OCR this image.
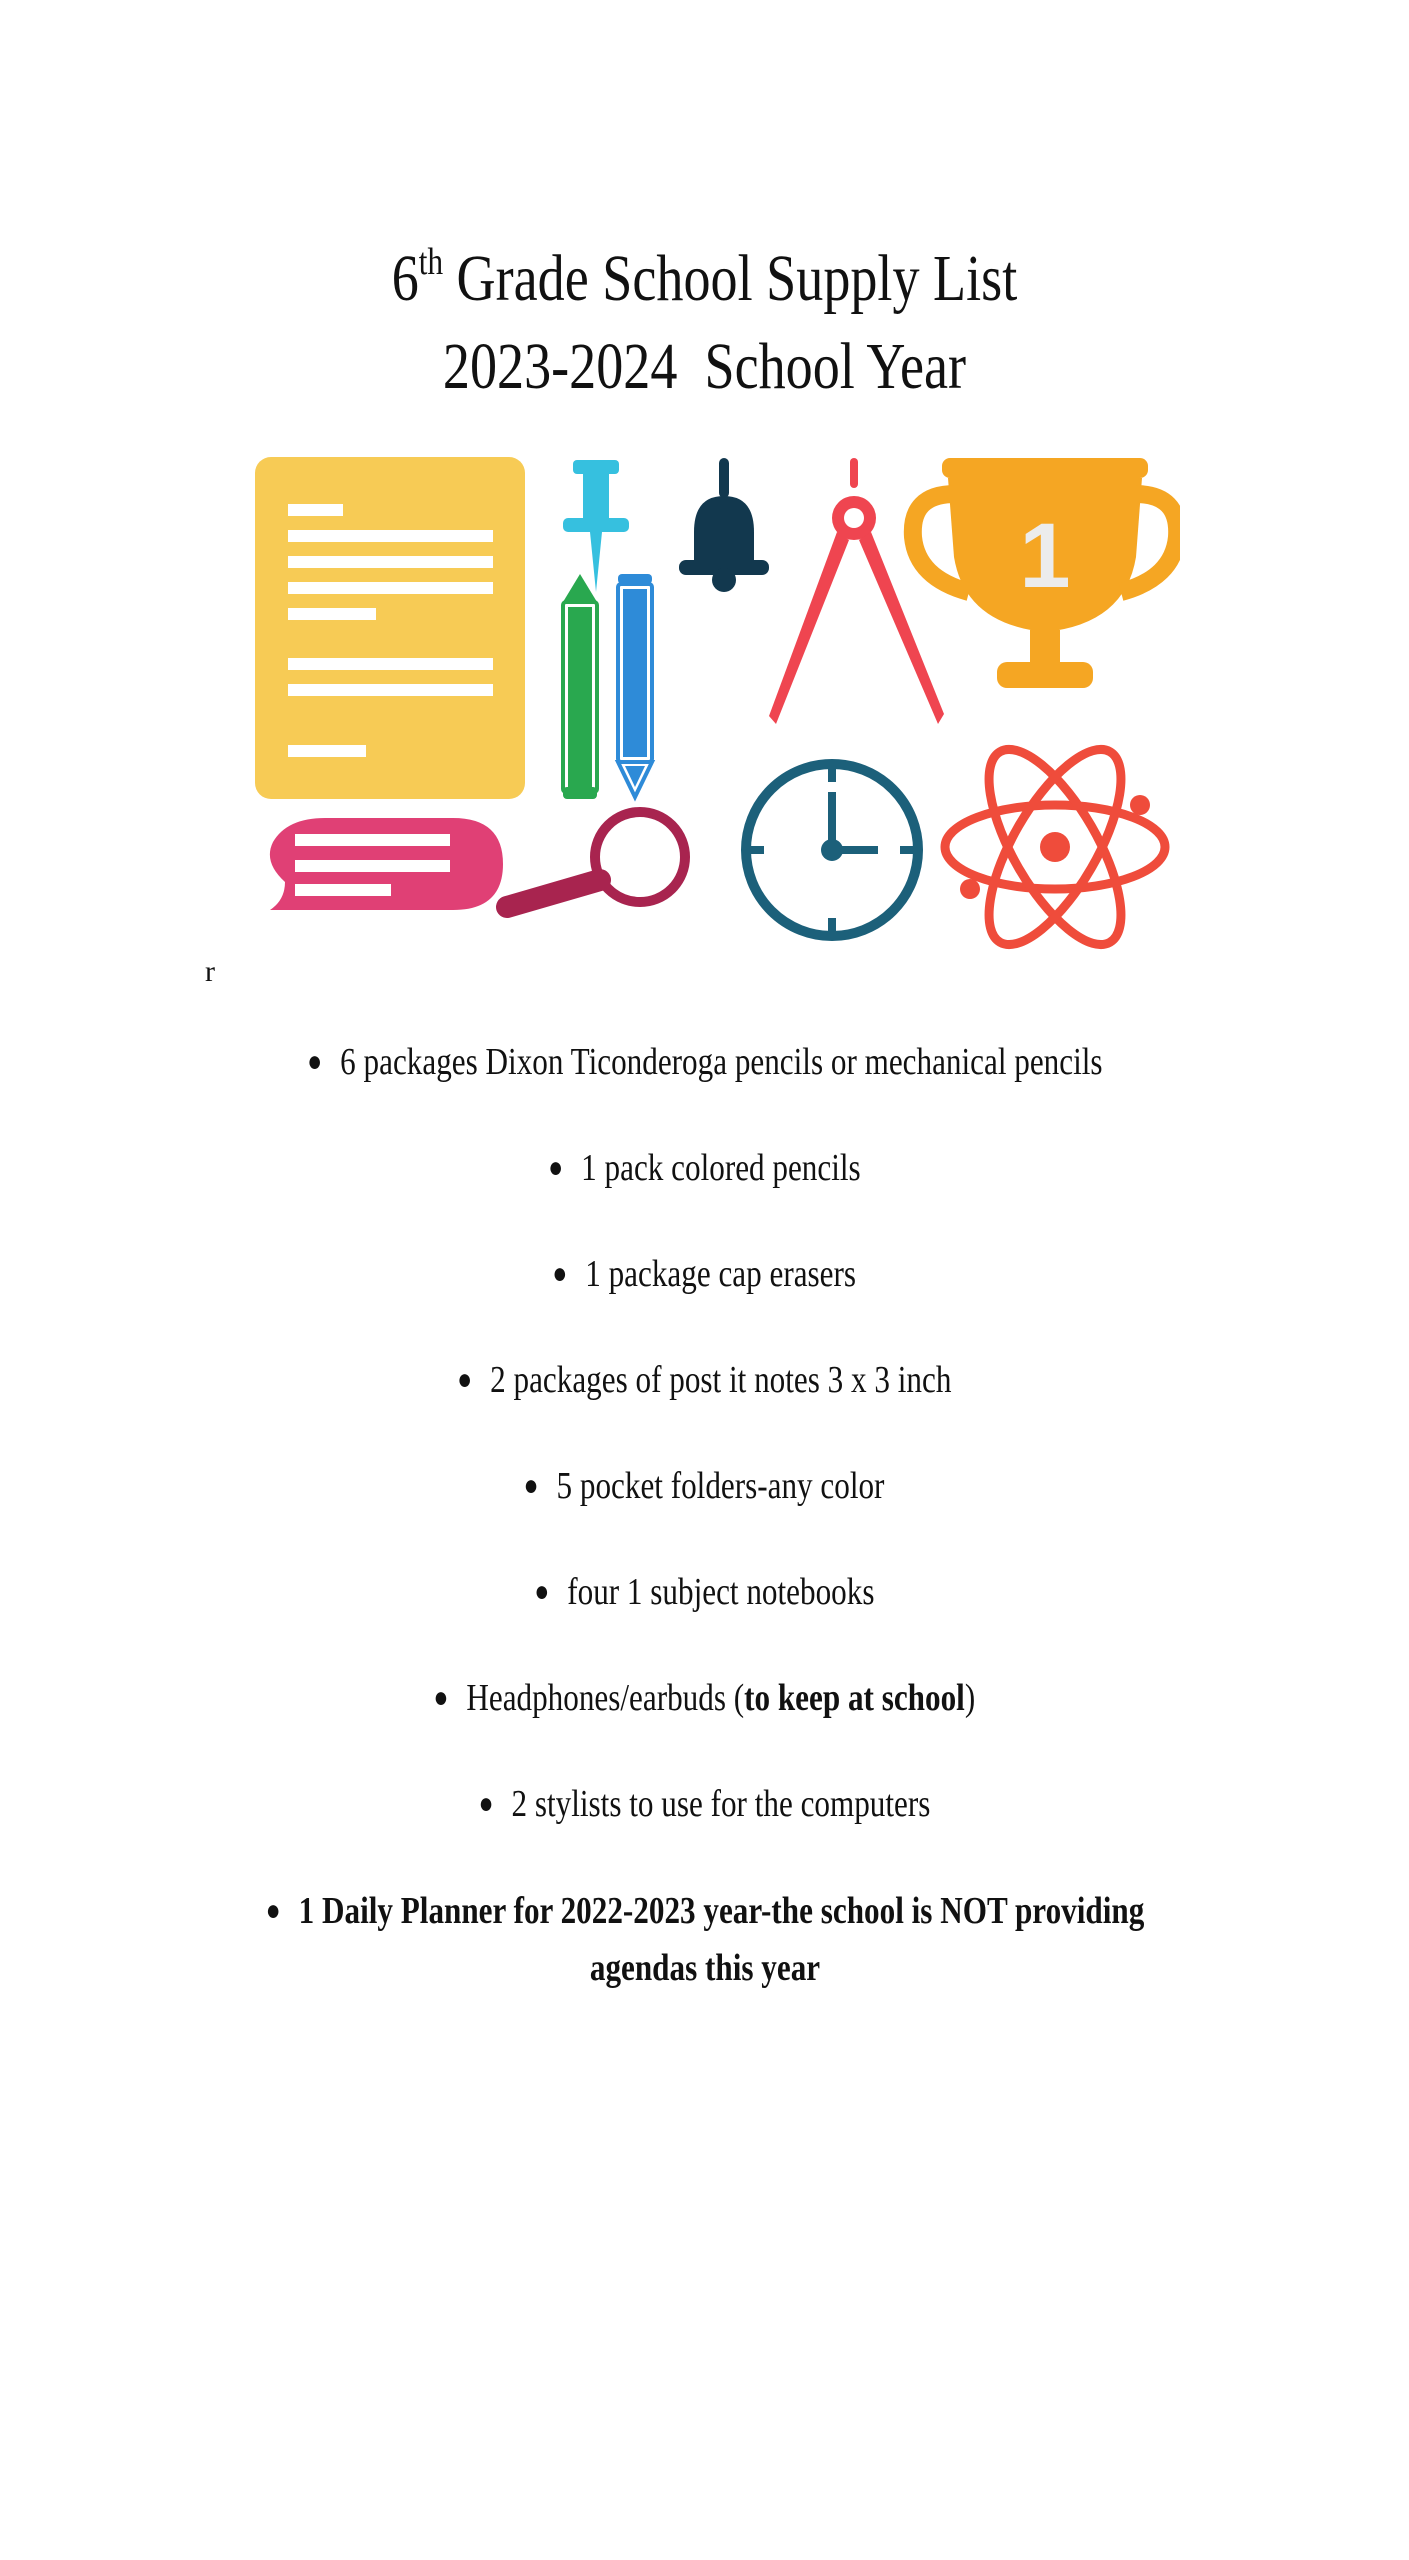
6th Grade School Supply List
2023-2024  School Year
1
r
● 6 packages Dixon Ticonderoga pencils or mechanical pencils
● 1 pack colored pencils
● 1 package cap erasers
● 2 packages of post it notes 3 x 3 inch
● 5 pocket folders-any color
● four 1 subject notebooks
● Headphones/earbuds (to keep at school)
● 2 stylists to use for the computers
● 1 Daily Planner for 2022-2023 year-the school is NOT providing agendas this year
